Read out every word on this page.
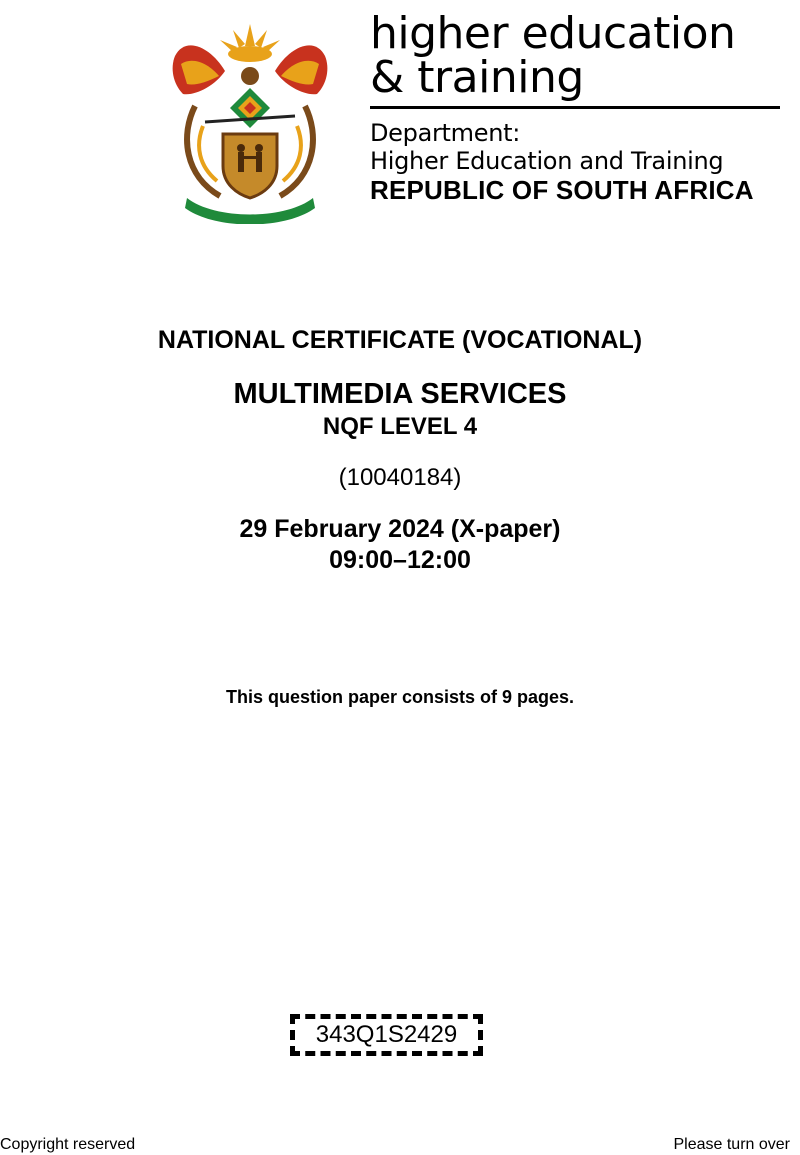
higher education
& training
Department:
Higher Education and Training
REPUBLIC OF SOUTH AFRICA
NATIONAL CERTIFICATE (VOCATIONAL)
MULTIMEDIA SERVICES
NQF LEVEL 4
(10040184)
29 February 2024 (X-paper)
09:00–12:00
This question paper consists of 9 pages.
343Q1S2429
Copyright reserved	Please turn over
